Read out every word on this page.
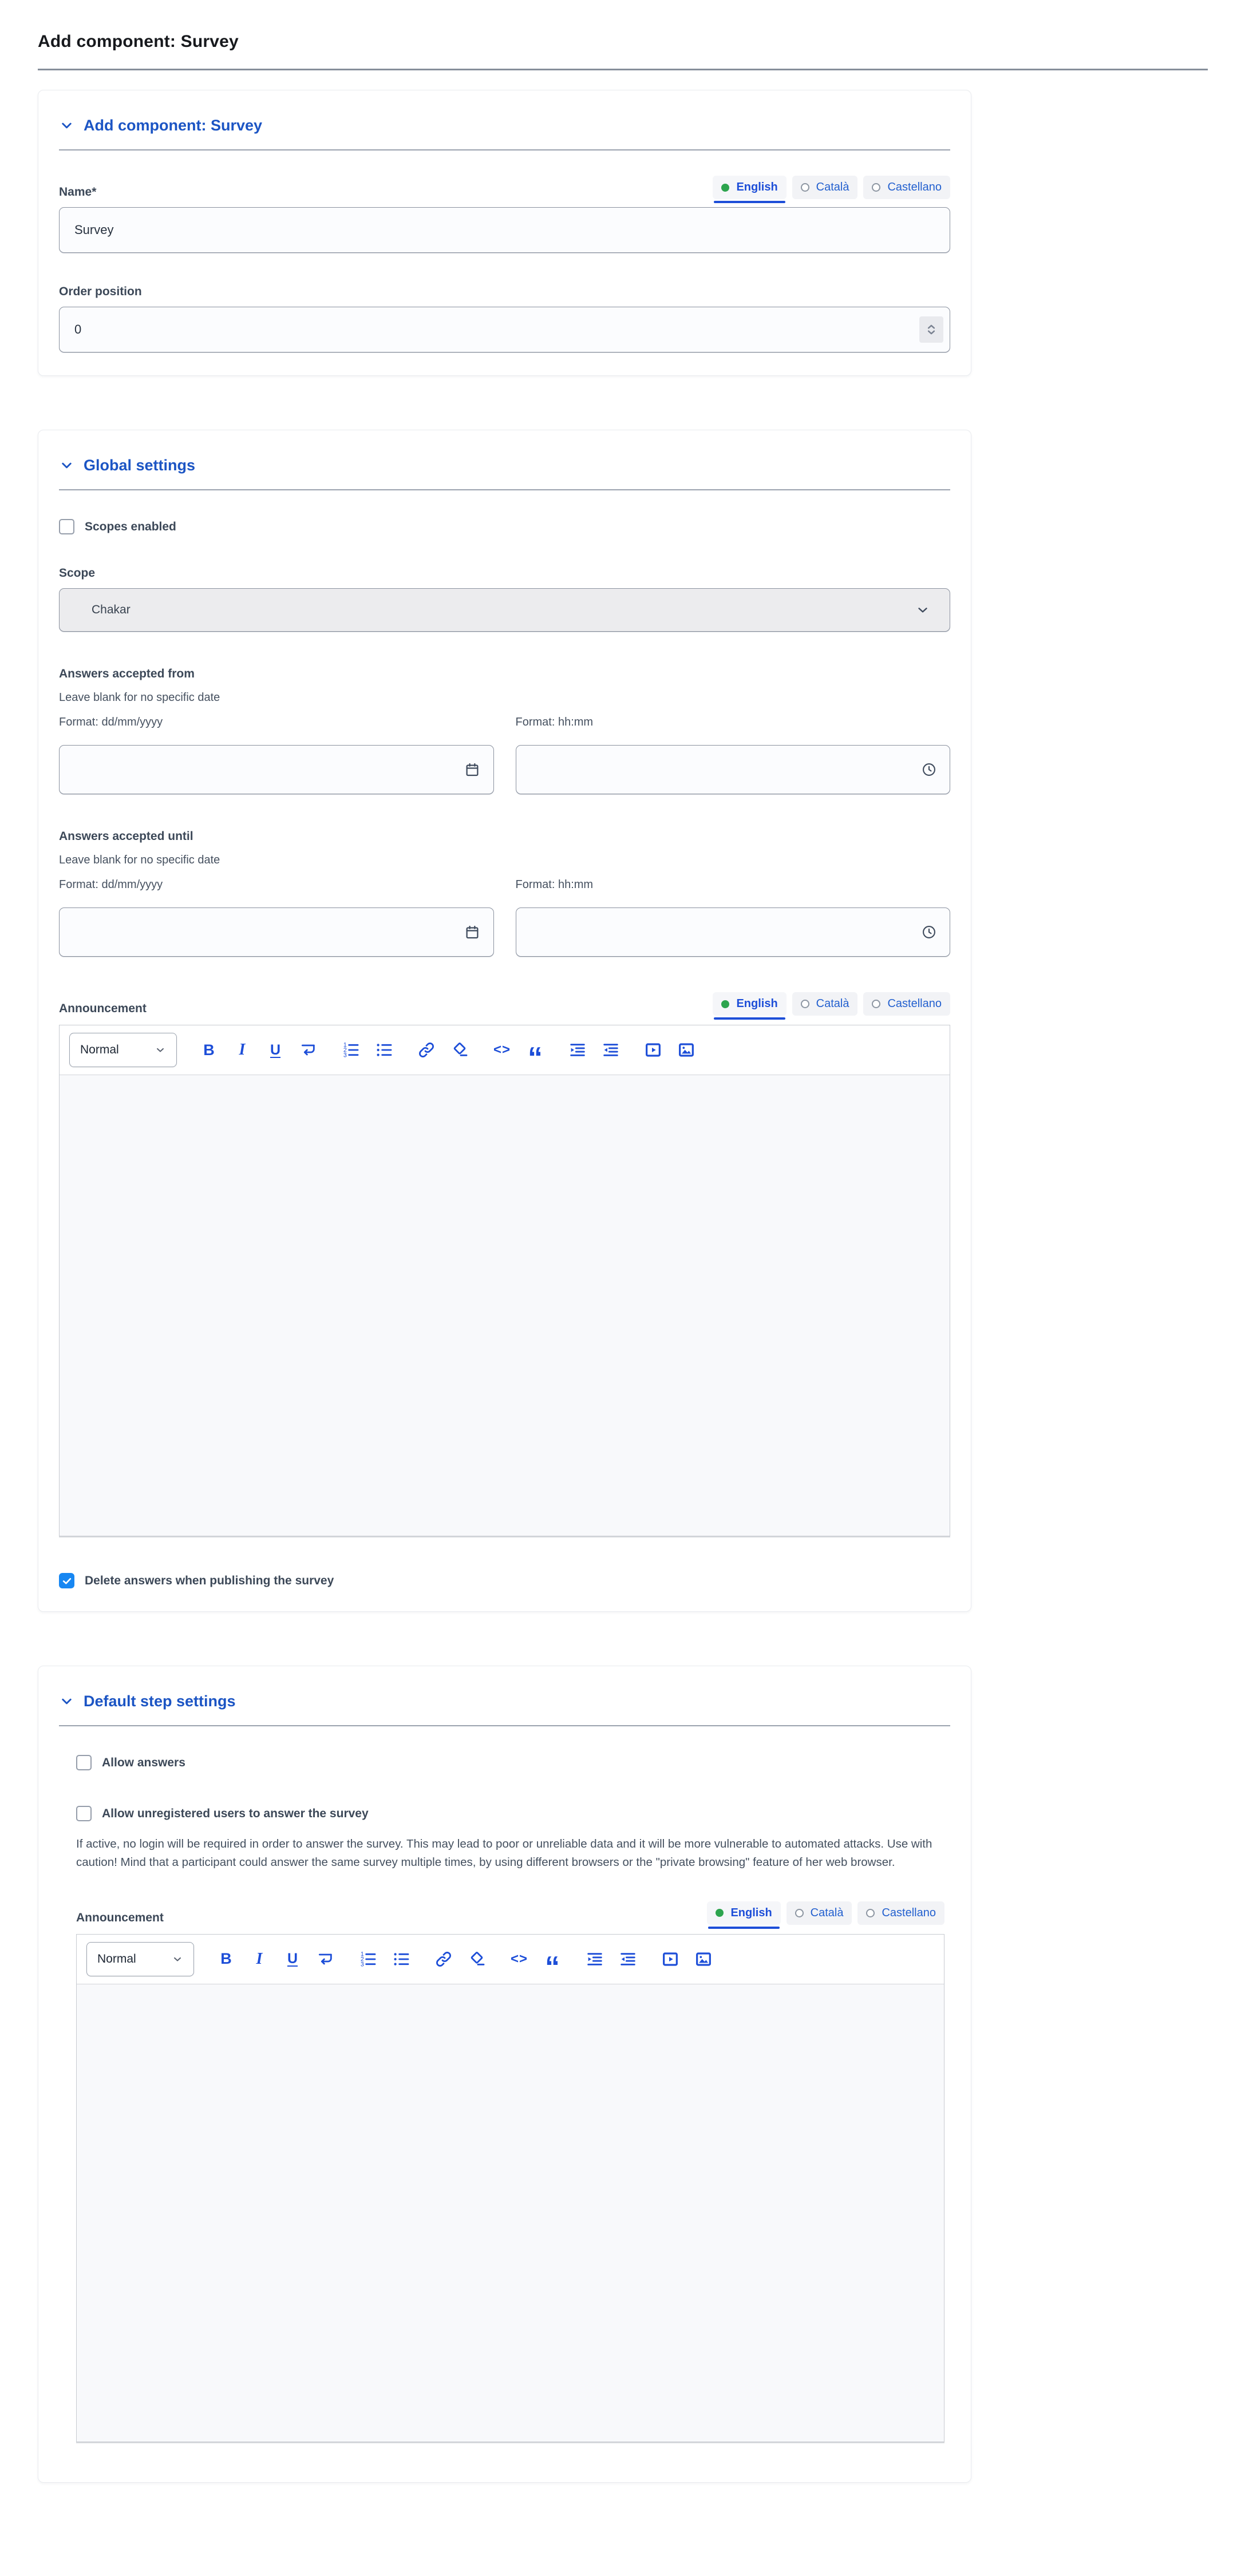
Add component: Survey
Add component: Survey
Name*	English	Català	Castellano
Survey
Order position
0
Global settings
Scopes enabled
Scope
Chakar
Answers accepted from
Leave blank for no specific date
Format: dd/mm/yyyy	Format: hh:mm
Answers accepted until
Leave blank for no specific date
Format: dd/mm/yyyy	Format: hh:mm
Announcement	English	Català	Castellano
Normal	B I U	1
2
3	<> “
Delete answers when publishing the survey
Default step settings
Allow answers
Allow unregistered users to answer the survey

If active, no login will be required in order to answer the survey. This may lead to poor or unreliable data and it will be more vulnerable to automated attacks. Use with caution! Mind that a participant could answer the same survey multiple times, by using different browsers or the "private browsing" feature of her web browser.

Announcement	English	Català	Castellano
Normal	B I U	1
2
3	<> “
